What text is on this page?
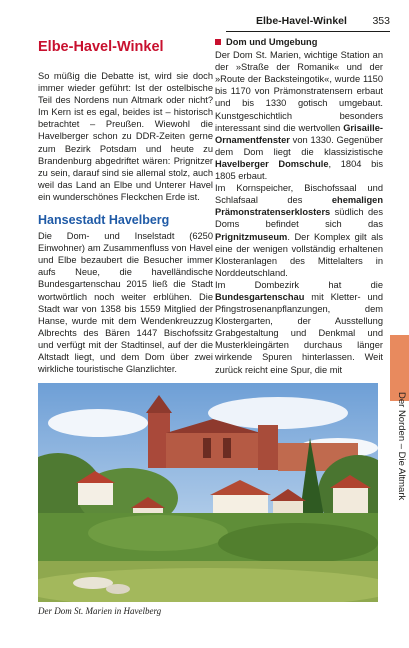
Elbe-Havel-Winkel 353
Elbe-Havel-Winkel

So müßig die Debatte ist, wird sie doch immer wieder geführt: Ist der ostelbische Teil des Nordens nun Altmark oder nicht? Im Kern ist es egal, beides ist – historisch betrachtet – Preußen. Wiewohl die Havelberger schon zu DDR-Zeiten gerne zum Bezirk Potsdam und heute zu Brandenburg abgedriftet wären: Prignitzer zu sein, darauf sind sie allemal stolz, auch weil das Land an Elbe und Unterer Havel ein wunderschönes Fleckchen Erde ist.

Hansestadt Havelberg

Die Dom- und Inselstadt (6250 Einwohner) am Zusammenfluss von Havel und Elbe bezaubert die Besucher immer aufs Neue, die havelländische Bundesgartenschau 2015 ließ die Stadt wortwörtlich noch weiter erblühen. Die Stadt war von 1358 bis 1559 Mitglied der Hanse, wurde mit dem Wendenkreuzzug Albrechts des Bären 1447 Bischofssitz und verfügt mit der Stadtinsel, auf der die Altstadt liegt, und dem Dom über zwei wirkliche touristische Glanzlichter.

Dom und Umgebung

Der Dom St. Marien, wichtige Station an der »Straße der Romanik« und der »Route der Backsteingotik«, wurde 1150 bis 1170 von Prämonstratensern erbaut und bis 1330 gotisch umgebaut. Kunstgeschichtlich besonders interessant sind die wertvollen Grisaille-Ornamentfenster von 1330. Gegenüber dem Dom liegt die klassizistische Havelberger Domschule, 1804 bis 1805 erbaut.

Im Kornspeicher, Bischofssaal und Schlafsaal des ehemaligen Prämonstratenserklosters südlich des Doms befindet sich das Prignitzmuseum. Der Komplex gilt als eine der wenigen vollständig erhaltenen Klosteranlagen des Mittelalters in Norddeutschland.

Im Dombezirk hat die Bundesgartenschau mit Kletter- und Pfingstrosenanpflanzungen, dem Klostergarten, der Ausstellung Grabgestaltung und Denkmal und Musterkleingärten durchaus länger wirkende Spuren hinterlassen. Weit zurück reicht eine Spur, die mit

Der Norden – Die Altmark
Der Dom St. Marien in Havelberg
